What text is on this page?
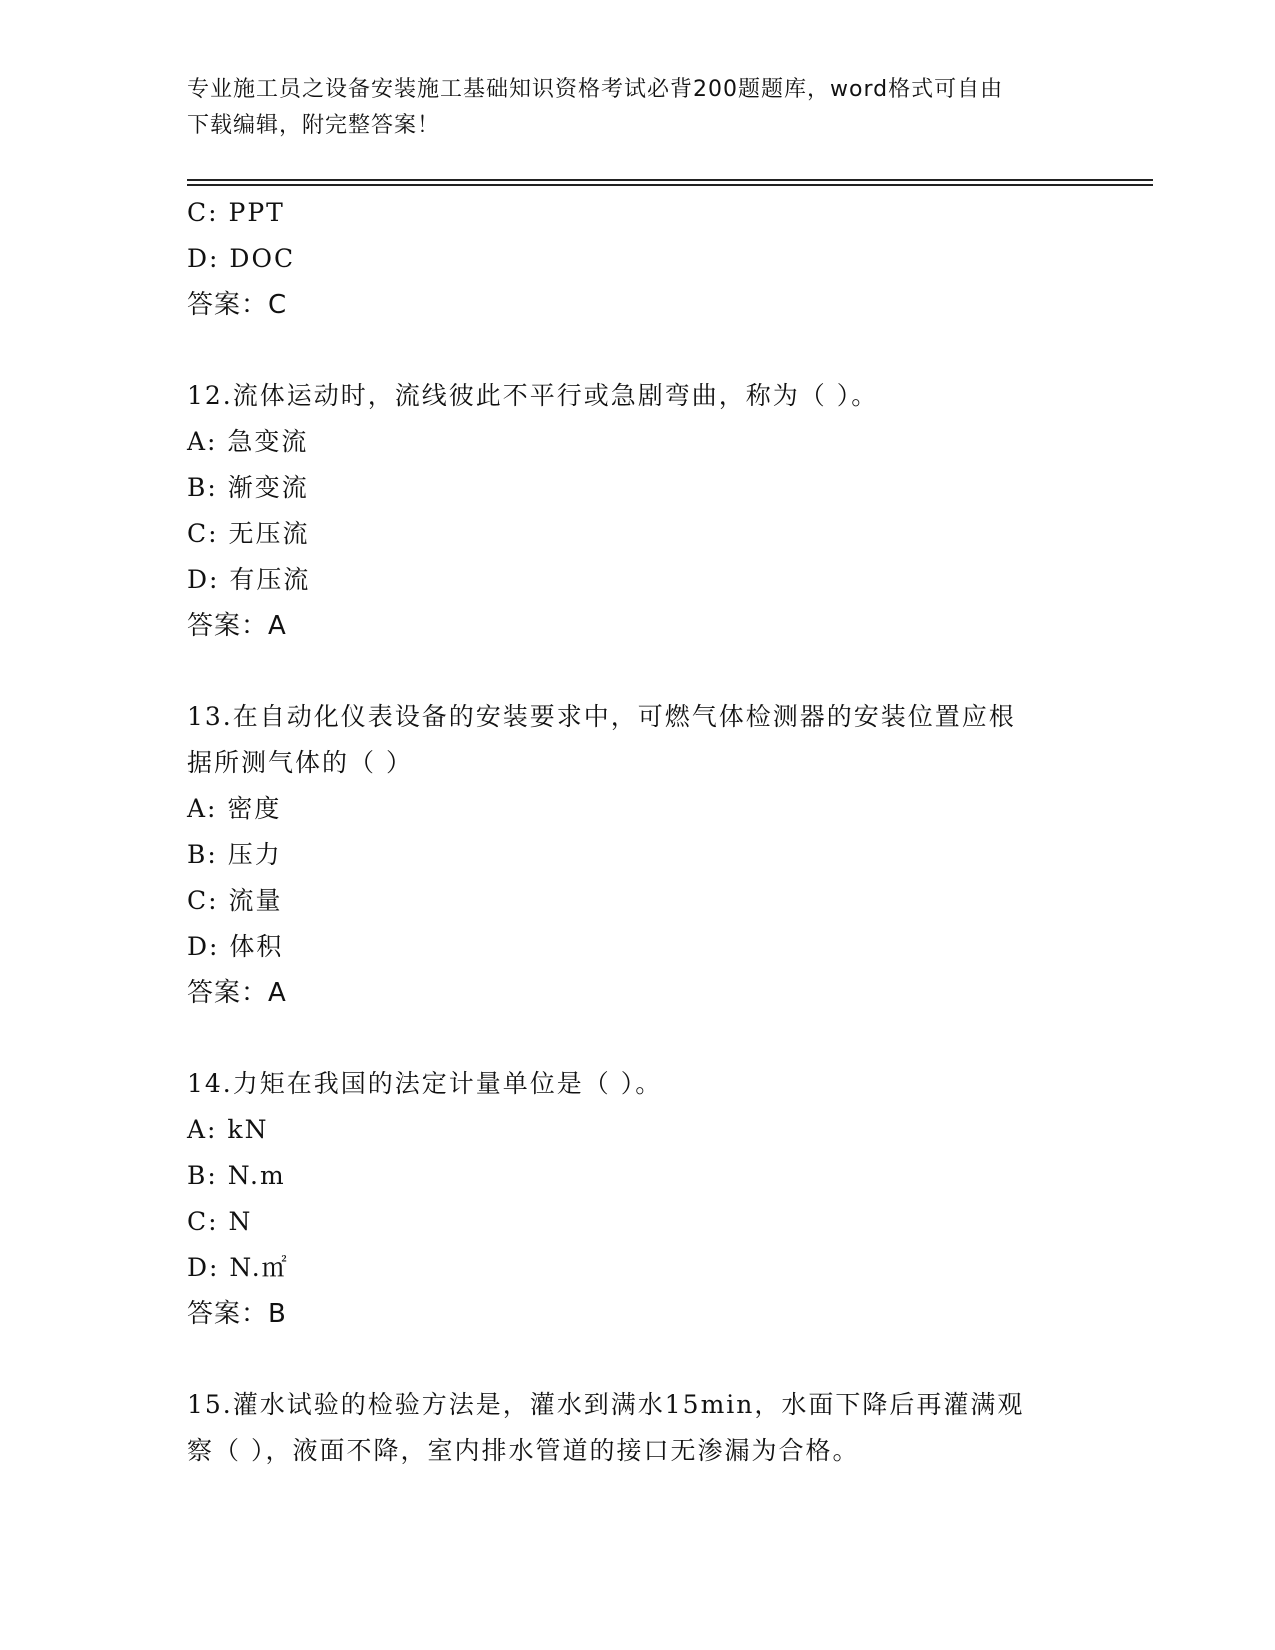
专业施工员之设备安装施工基础知识资格考试必背200题题库，word格式可自由
下载编辑，附完整答案！
C: PPT
D: DOC
答案：C
12.流体运动时，流线彼此不平行或急剧弯曲，称为（ ）。
A: 急变流
B: 渐变流
C: 无压流
D: 有压流
答案：A
13.在自动化仪表设备的安装要求中，可燃气体检测器的安装位置应根
据所测气体的（ ）
A: 密度
B: 压力
C: 流量
D: 体积
答案：A
14.力矩在我国的法定计量单位是（ ）。
A: kN
B: N.m
C: N
D: N.㎡
答案：B
15.灌水试验的检验方法是，灌水到满水15min，水面下降后再灌满观
察（ ），液面不降，室内排水管道的接口无渗漏为合格。
